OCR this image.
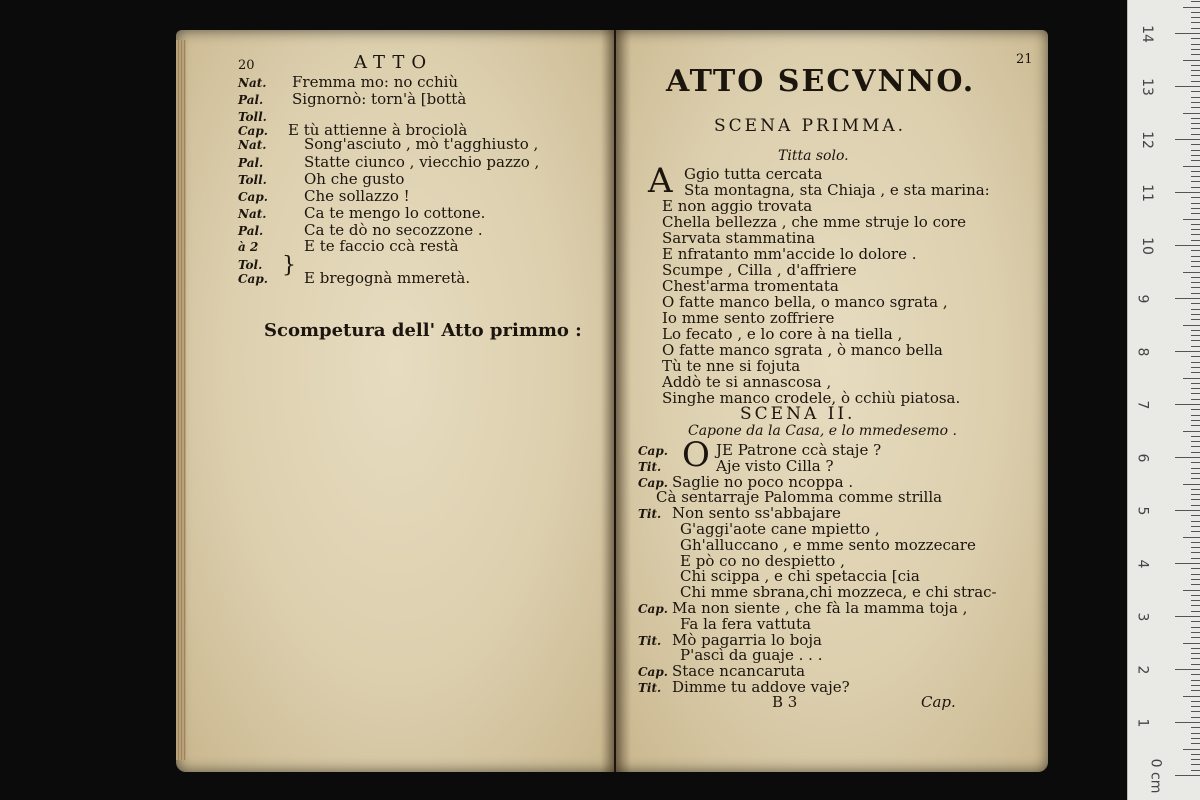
20	ATTO
Nat. Fremma mo: no cchiù
Pal. Signornò: torn'à [bottà
Toll.
Cap. E tù attienne à brociolà
Nat.	Song'asciuto , mò t'agghiusto ,
Pal.	Statte ciunco , viecchio pazzo ,
Toll. Oh che gusto
Cap. Che sollazzo !
Nat.	Ca te mengo lo cottone.
Pal.	Ca te dò no secozzone .
à 2	E te faccio ccà restà
Tol.
Cap. E bregognà mmeretà.
}
Scompetura dell' Atto primmo :
21
ATTO SECVNNO.
SCENA PRIMMA.
Titta solo.
A Ggio tutta cercata
Sta montagna, sta Chiaja , e sta marina:
E non aggio trovata
Chella bellezza , che mme strujе lo core
Sarvata stammatina
E nfratanto mm'accide lo dolore .
Scumpe , Cilla , d'affriere
Chest'arma tromentata
O fatte manco bella, o manco sgrata ,
Io mme sento zoffriere
Lo fecato , e lo core à na tiella ,
O fatte manco sgrata , ò manco bella
Tù te nne si fojuta
Addò te si annascosa ,
Singhe manco crodele, ò cchiù piatosa.
SCENA II.
Capone da la Casa, e lo mmedesemo .
O
Cap.	JE Patrone ccà staje ?
Tit.	Aje visto Cilla ?
Cap. Saglie no poco ncoppa .
Cà sentarraje Palomma comme strilla
Tit. Non sento ss'abbajare
G'aggi'aote cane mpietto ,
Gh'alluccano , e mme sento mozzecare
E pò co no despietto ,
Chi scippa , e chi spetaccia [cia
Chi mme sbrana,chi mozzeca, e chi strac-
Cap. Ma non siente , che fà la mamma toja ,
Fa la fera vattuta
Tit. Mò pagarria lo boja
P'ascì da guaje . . .
Cap. Stace ncancaruta
Tit. Dimme tu addove vaje?
B 3	Cap.
14
13
12
11
10
9
8
7
6
5
4
3
2
1
0 cm
